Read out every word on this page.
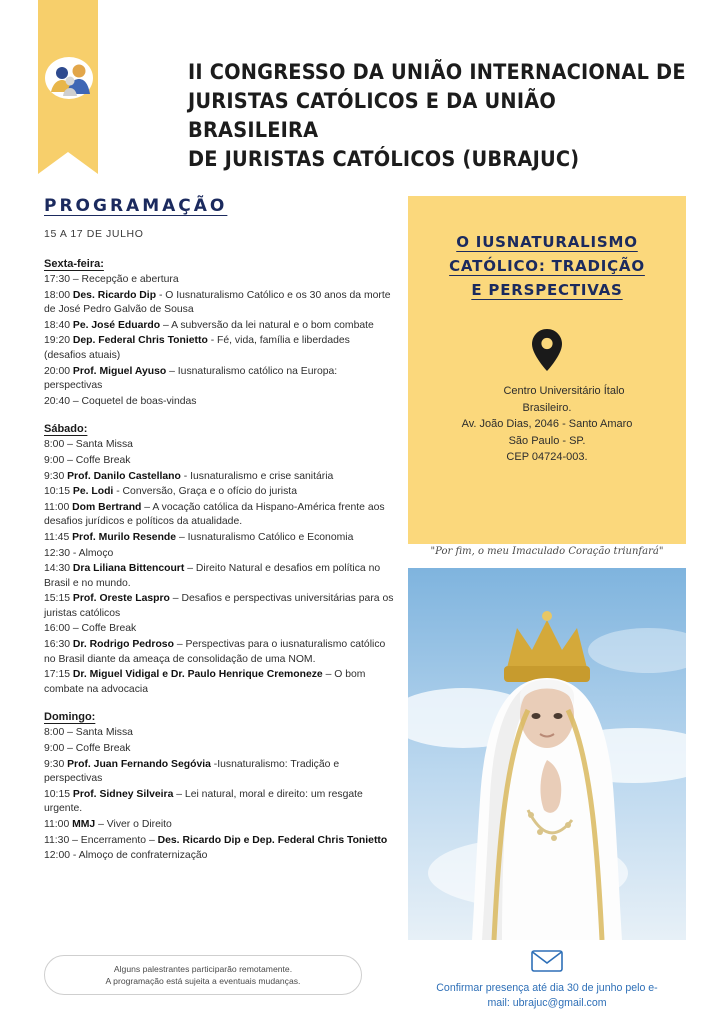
II CONGRESSO DA UNIÃO INTERNACIONAL DE
JURISTAS CATÓLICOS E DA UNIÃO BRASILEIRA
DE JURISTAS CATÓLICOS (UBRAJUC)
PROGRAMAÇÃO
15 A 17 DE JULHO
Sexta-feira:
17:30 – Recepção e abertura
18:00 Des. Ricardo Dip - O Iusnaturalismo Católico e os 30 anos da morte de José Pedro Galvão de Sousa
18:40 Pe. José Eduardo – A subversão da lei natural e o bom combate
19:20 Dep. Federal Chris Tonietto - Fé, vida, família e liberdades (desafios atuais)
20:00 Prof. Miguel Ayuso – Iusnaturalismo católico na Europa: perspectivas
20:40 – Coquetel de boas-vindas
Sábado:
8:00 – Santa Missa
9:00 – Coffe Break
9:30 Prof. Danilo Castellano - Iusnaturalismo e crise sanitária
10:15 Pe. Lodi - Conversão, Graça e o ofício do jurista
11:00 Dom Bertrand – A vocação católica da Hispano-América frente aos desafios jurídicos e políticos da atualidade.
11:45 Prof. Murilo Resende – Iusnaturalismo Católico e Economia
12:30 - Almoço
14:30 Dra Liliana Bittencourt – Direito Natural e desafios em política no Brasil e no mundo.
15:15 Prof. Oreste Laspro – Desafios e perspectivas universitárias para os juristas católicos
16:00 – Coffe Break
16:30 Dr. Rodrigo Pedroso – Perspectivas para o iusnaturalismo católico no Brasil diante da ameaça de consolidação de uma NOM.
17:15 Dr. Miguel Vidigal e Dr. Paulo Henrique Cremoneze – O bom combate na advocacia
Domingo:
8:00 – Santa Missa
9:00 – Coffe Break
9:30 Prof. Juan Fernando Segóvia -Iusnaturalismo: Tradição e perspectivas
10:15 Prof. Sidney Silveira – Lei natural, moral e direito: um resgate urgente.
11:00 MMJ – Viver o Direito
11:30 – Encerramento – Des. Ricardo Dip e Dep. Federal Chris Tonietto
12:00 - Almoço de confraternização
Alguns palestrantes participarão remotamente.
A programação está sujeita a eventuais mudanças.
O IUSNATURALISMO
CATÓLICO: TRADIÇÃO
E PERSPECTIVAS
Centro Universitário Ítalo
Brasileiro.
Av. João Dias, 2046 - Santo Amaro
São Paulo - SP.
CEP 04724-003.
"Por fim, o meu Imaculado Coração triunfará"
Confirmar presença até dia 30 de junho pelo e-
mail: ubrajuc@gmail.com
